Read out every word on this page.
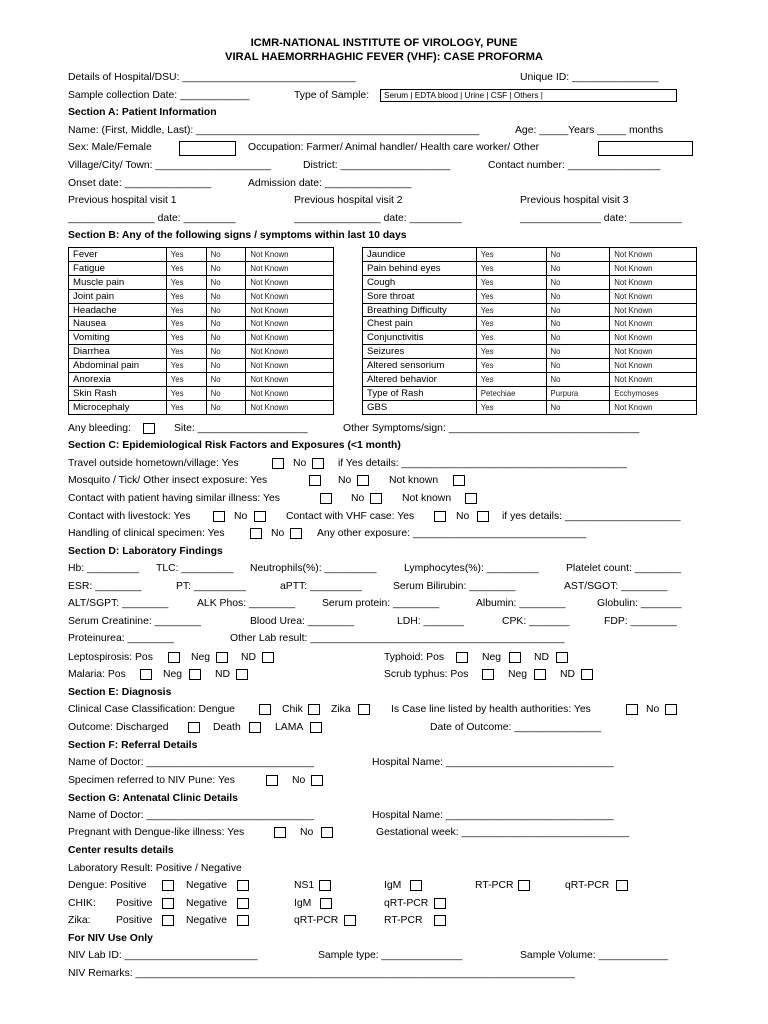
ICMR-NATIONAL INSTITUTE OF VIROLOGY, PUNE
VIRAL HAEMORRHAGHIC FEVER (VHF): CASE PROFORMA
Details of Hospital/DSU: ______________________________	Unique ID: _______________
Sample collection Date: ____________	Type of Sample:	Serum | EDTA blood | Urine | CSF | Others |
Section A: Patient Information
Name: (First, Middle, Last): _________________________________________________	Age: _____Years _____ months
Sex: Male/Female	Occupation: Farmer/ Animal handler/ Health care worker/ Other
Village/City/ Town: ____________________	District: ___________________	Contact number: ________________
Onset date: _______________	Admission date: _______________
Previous hospital visit 1	Previous hospital visit 2	Previous hospital visit 3
_______________ date: _________	_______________ date: _________	______________ date: _________
Section B: Any of the following signs / symptoms within last 10 days
Fever	Yes	No	Not Known
Fatigue	Yes	No	Not Known
Muscle pain	Yes	No	Not Known
Joint pain	Yes	No	Not Known
Headache	Yes	No	Not Known
Nausea	Yes	No	Not Known
Vomiting	Yes	No	Not Known
Diarrhea	Yes	No	Not Known
Abdominal pain	Yes	No	Not Known
Anorexia	Yes	No	Not Known
Skin Rash	Yes	No	Not Known
Microcephaly	Yes	No	Not Known
Jaundice	Yes	No	Not Known
Pain behind eyes	Yes	No	Not Known
Cough	Yes	No	Not Known
Sore throat	Yes	No	Not Known
Breathing Difficulty	Yes	No	Not Known
Chest pain	Yes	No	Not Known
Conjunctivitis	Yes	No	Not Known
Seizures	Yes	No	Not Known
Altered sensorium	Yes	No	Not Known
Altered behavior	Yes	No	Not Known
Type of Rash	Petechiae	Purpura	Ecchymoses
GBS	Yes	No	Not Known
Any bleeding:	Site: ___________________	Other Symptoms/sign: _________________________________
Section C: Epidemiological Risk Factors and Exposures (<1 month)
Travel outside hometown/village: Yes	No	if Yes details: _______________________________________
Mosquito / Tick/ Other insect exposure: Yes	No	Not known
Contact with patient having similar illness: Yes	No	Not known
Contact with livestock: Yes	No	Contact with VHF case: Yes	No	if yes details: ____________________
Handling of clinical specimen: Yes	No	Any other exposure: ______________________________
Section D: Laboratory Findings
Hb: _________ TLC: _________ Neutrophils(%): _________	Lymphocytes(%): _________	Platelet count: ________
ESR: ________	PT: _________	aPTT: _________	Serum Bilirubin: ________	AST/SGOT: ________
ALT/SGPT: ________	ALK Phos: ________	Serum protein: ________	Albumin: ________	Globulin: _______
Serum Creatinine: ________	Blood Urea: ________	LDH: _______	CPK: _______	FDP: ________
Proteinurea: ________	Other Lab result: ____________________________________________
Leptospirosis: Pos	Neg	ND	Typhoid: Pos	Neg	ND
Malaria: Pos	Neg	ND	Scrub typhus: Pos	Neg	ND
Section E: Diagnosis
Clinical Case Classification: Dengue	Chik	Zika	Is Case line listed by health authorities: Yes	No
Outcome: Discharged	Death	LAMA	Date of Outcome: _______________
Section F: Referral Details
Name of Doctor: _____________________________	Hospital Name: _____________________________
Specimen referred to NIV Pune: Yes	No
Section G: Antenatal Clinic Details
Name of Doctor: _____________________________	Hospital Name: _____________________________
Pregnant with Dengue-like illness: Yes	No	Gestational week: _____________________________
Center results details
Laboratory Result: Positive / Negative
Dengue: Positive	Negative	NS1	IgM	RT-PCR	qRT-PCR
CHIK: Positive	Negative	IgM	qRT-PCR
Zika: Positive	Negative	qRT-PCR	RT-PCR
For NIV Use Only
NIV Lab ID: _______________________	Sample type: ______________	Sample Volume: ____________
NIV Remarks: ____________________________________________________________________________
